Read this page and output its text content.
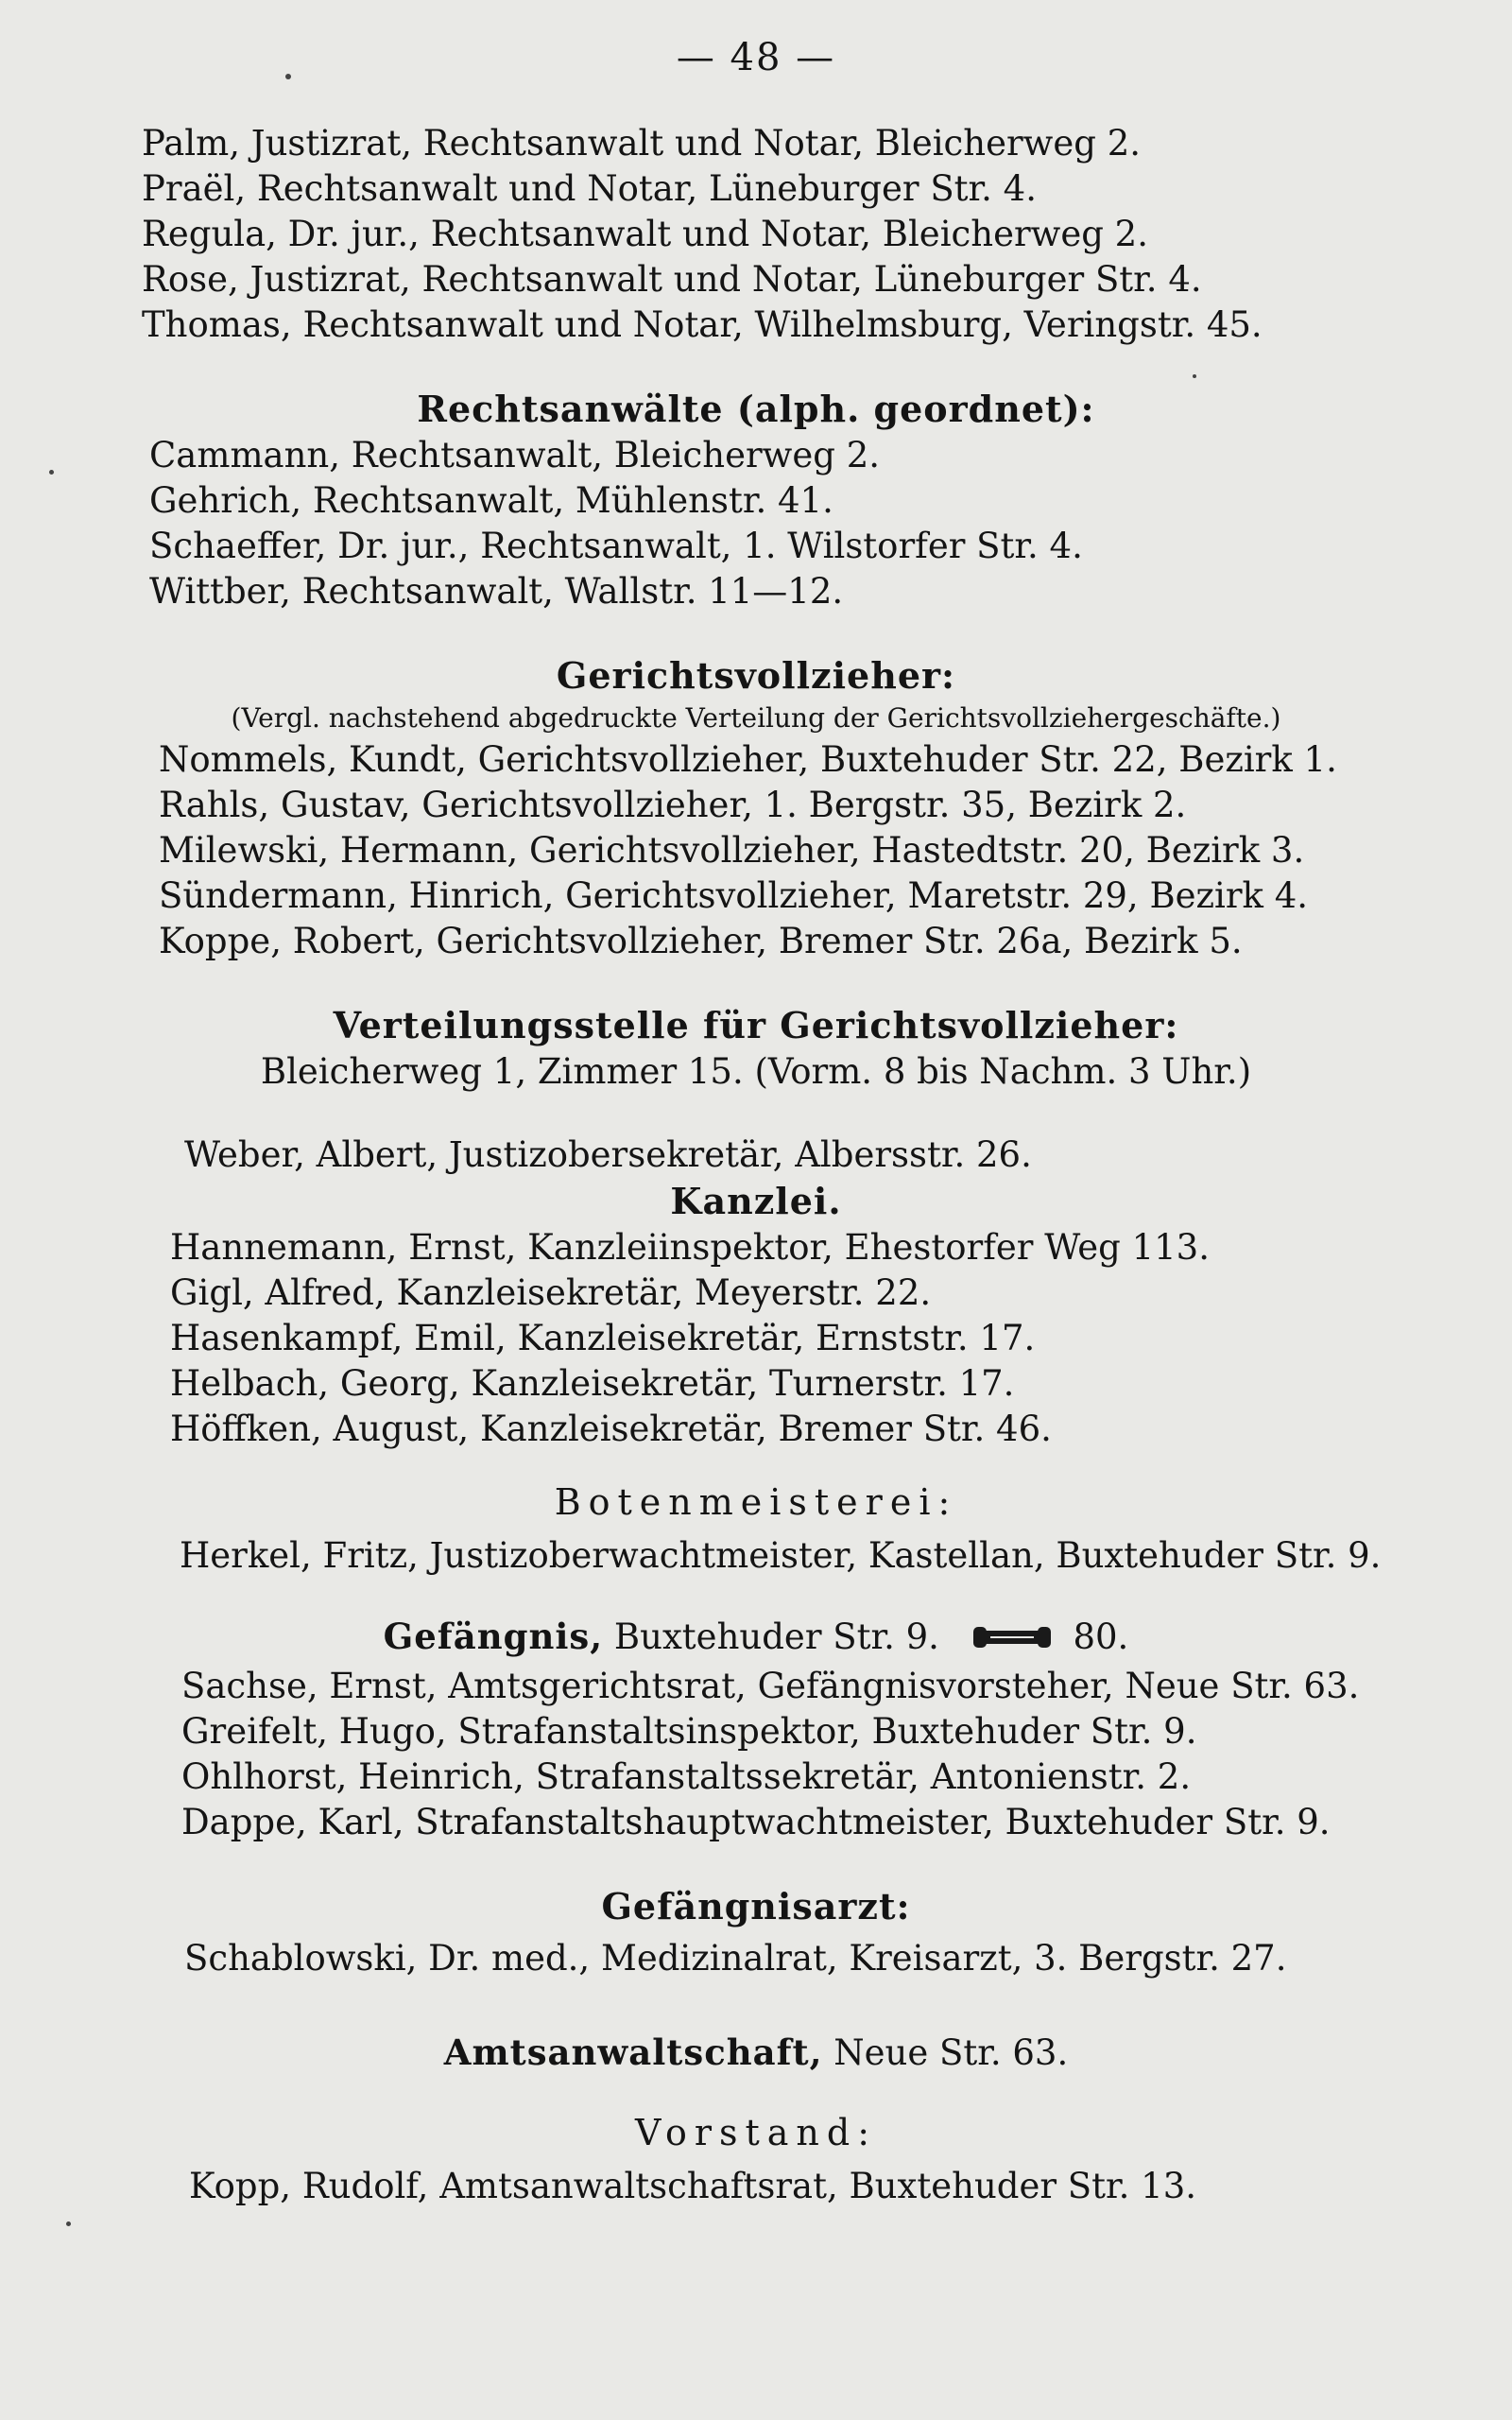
— 48 —
Palm, Justizrat, Rechtsanwalt und Notar, Bleicherweg 2.
Praël, Rechtsanwalt und Notar, Lüneburger Str. 4.
Regula, Dr. jur., Rechtsanwalt und Notar, Bleicherweg 2.
Rose, Justizrat, Rechtsanwalt und Notar, Lüneburger Str. 4.
Thomas, Rechtsanwalt und Notar, Wilhelmsburg, Veringstr. 45.
Rechtsanwälte (alph. geordnet):
Cammann, Rechtsanwalt, Bleicherweg 2.
Gehrich, Rechtsanwalt, Mühlenstr. 41.
Schaeffer, Dr. jur., Rechtsanwalt, 1. Wilstorfer Str. 4.
Wittber, Rechtsanwalt, Wallstr. 11—12.
Gerichtsvollzieher:
(Vergl. nachstehend abgedruckte Verteilung der Gerichtsvollziehergeschäfte.)
Nommels, Kundt, Gerichtsvollzieher, Buxtehuder Str. 22, Bezirk 1.
Rahls, Gustav, Gerichtsvollzieher, 1. Bergstr. 35, Bezirk 2.
Milewski, Hermann, Gerichtsvollzieher, Hastedtstr. 20, Bezirk 3.
Sündermann, Hinrich, Gerichtsvollzieher, Maretstr. 29, Bezirk 4.
Koppe, Robert, Gerichtsvollzieher, Bremer Str. 26a, Bezirk 5.
Verteilungsstelle für Gerichtsvollzieher:
Bleicherweg 1, Zimmer 15. (Vorm. 8 bis Nachm. 3 Uhr.)
Weber, Albert, Justizobersekretär, Albersstr. 26.
Kanzlei.
Hannemann, Ernst, Kanzleiinspektor, Ehestorfer Weg 113.
Gigl, Alfred, Kanzleisekretär, Meyerstr. 22.
Hasenkampf, Emil, Kanzleisekretär, Ernststr. 17.
Helbach, Georg, Kanzleisekretär, Turnerstr. 17.
Höffken, August, Kanzleisekretär, Bremer Str. 46.
Botenmeisterei:
Herkel, Fritz, Justizoberwachtmeister, Kastellan, Buxtehuder Str. 9.
Gefängnis, Buxtehuder Str. 9.	80.
Sachse, Ernst, Amtsgerichtsrat, Gefängnisvorsteher, Neue Str. 63.
Greifelt, Hugo, Strafanstaltsinspektor, Buxtehuder Str. 9.
Ohlhorst, Heinrich, Strafanstaltssekretär, Antonienstr. 2.
Dappe, Karl, Strafanstaltshauptwachtmeister, Buxtehuder Str. 9.
Gefängnisarzt:
Schablowski, Dr. med., Medizinalrat, Kreisarzt, 3. Bergstr. 27.
Amtsanwaltschaft, Neue Str. 63.
Vorstand:
Kopp, Rudolf, Amtsanwaltschaftsrat, Buxtehuder Str. 13.
